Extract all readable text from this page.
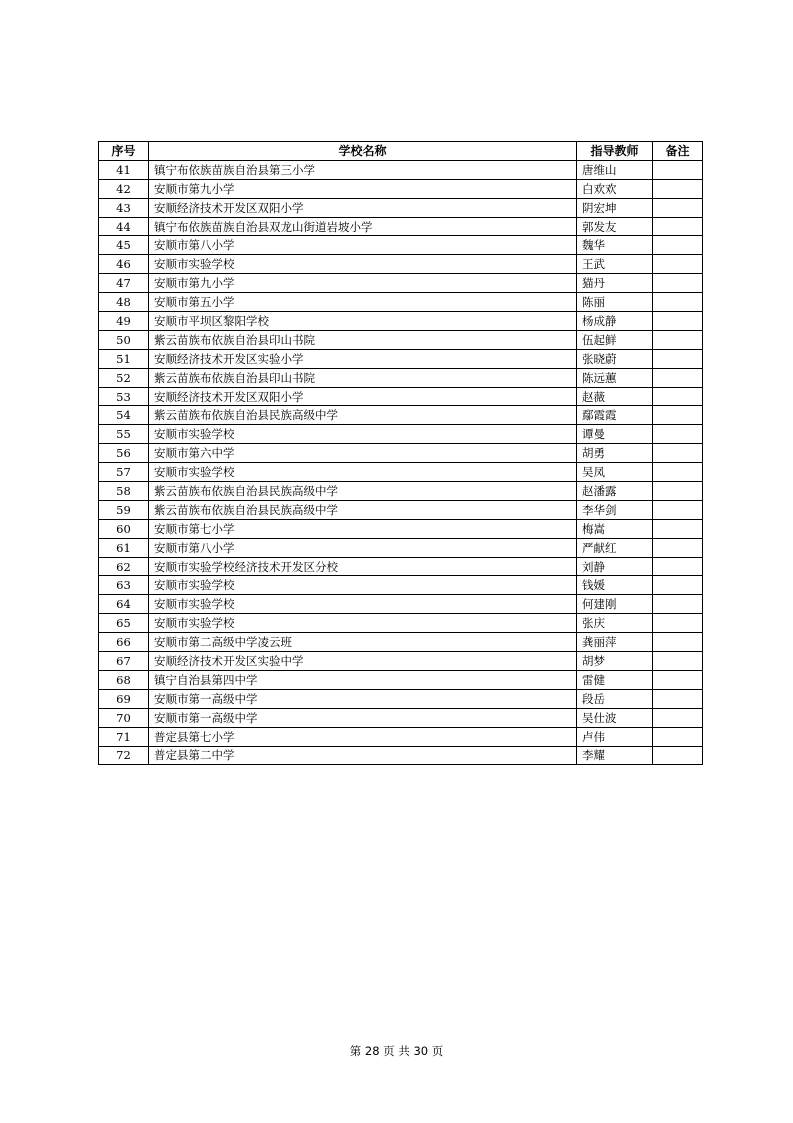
序号	学校名称	指导教师	备注
41	镇宁布依族苗族自治县第三小学	唐维山	
42	安顺市第九小学	白欢欢	
43	安顺经济技术开发区双阳小学	阴宏坤	
44	镇宁布依族苗族自治县双龙山街道岩坡小学	郭发友	
45	安顺市第八小学	魏华	
46	安顺市实验学校	王武	
47	安顺市第九小学	猫丹	
48	安顺市第五小学	陈丽	
49	安顺市平坝区黎阳学校	杨成静	
50	紫云苗族布依族自治县印山书院	伍起鲜	
51	安顺经济技术开发区实验小学	张晓蔚	
52	紫云苗族布依族自治县印山书院	陈远蕙	
53	安顺经济技术开发区双阳小学	赵薇	
54	紫云苗族布依族自治县民族高级中学	鄢霞霞	
55	安顺市实验学校	谭曼	
56	安顺市第六中学	胡勇	
57	安顺市实验学校	吴凤	
58	紫云苗族布依族自治县民族高级中学	赵潘露	
59	紫云苗族布依族自治县民族高级中学	李华剑	
60	安顺市第七小学	梅嵩	
61	安顺市第八小学	严献红	
62	安顺市实验学校经济技术开发区分校	刘静	
63	安顺市实验学校	钱媛	
64	安顺市实验学校	何建刚	
65	安顺市实验学校	张庆	
66	安顺市第二高级中学凌云班	龚丽萍	
67	安顺经济技术开发区实验中学	胡梦	
68	镇宁自治县第四中学	雷健	
69	安顺市第一高级中学	段岳	
70	安顺市第一高级中学	吴仕波	
71	普定县第七小学	卢伟	
72	普定县第二中学	李耀	
第 28 页 共 30 页
